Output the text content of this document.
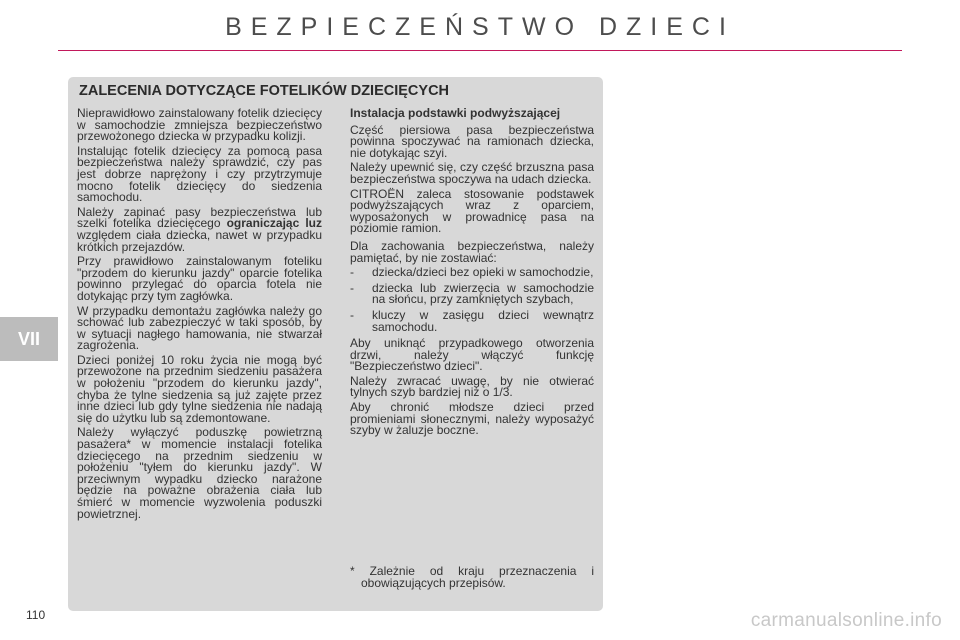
BEZPIECZEŃSTWO DZIECI
VII
110
ZALECENIA DOTYCZĄCE FOTELIKÓW DZIECIĘCYCH

Nieprawidłowo zainstalowany fotelik dziecięcy w samochodzie zmniejsza bezpieczeństwo przewożonego dziecka w przypadku kolizji.

Instalując fotelik dziecięcy za pomocą pasa bezpieczeństwa należy sprawdzić, czy pas jest dobrze naprężony i czy przytrzymuje mocno fotelik dziecięcy do siedzenia samochodu.

Należy zapinać pasy bezpieczeństwa lub szelki fotelika dziecięcego ograniczając luz względem ciała dziecka, nawet w przypadku krótkich przejazdów.

Przy prawidłowo zainstalowanym foteliku "przodem do kierunku jazdy" oparcie fotelika powinno przylegać do oparcia fotela nie dotykając przy tym zagłówka.

W przypadku demontażu zagłówka należy go schować lub zabezpieczyć w taki sposób, by w sytuacji nagłego hamowania, nie stwarzał zagrożenia.

Dzieci poniżej 10 roku życia nie mogą być przewożone na przednim siedzeniu pasażera w położeniu "przodem do kierunku jazdy", chyba że tylne siedzenia są już zajęte przez inne dzieci lub gdy tylne siedzenia nie nadają się do użytku lub są zdemontowane.

Należy wyłączyć poduszkę powietrzną pasażera* w momencie instalacji fotelika dziecięcego na przednim siedzeniu w położeniu "tyłem do kierunku jazdy". W przeciwnym wypadku dziecko narażone będzie na poważne obrażenia ciała lub śmierć w momencie wyzwolenia poduszki powietrznej.

Instalacja podstawki podwyższającej

Część piersiowa pasa bezpieczeństwa powinna spoczywać na ramionach dziecka, nie dotykając szyi.

Należy upewnić się, czy część brzuszna pasa bezpieczeństwa spoczywa na udach dziecka.

CITROËN zaleca stosowanie podstawek podwyższających wraz z oparciem, wyposażonych w prowadnicę pasa na poziomie ramion.

Dla zachowania bezpieczeństwa, należy pamiętać, by nie zostawiać:

- dziecka/dzieci bez opieki w samochodzie,
- dziecka lub zwierzęcia w samochodzie na słońcu, przy zamkniętych szybach,
- kluczy w zasięgu dzieci wewnątrz samochodu.

Aby uniknąć przypadkowego otworzenia drzwi, należy włączyć funkcję "Bezpieczeństwo dzieci".

Należy zwracać uwagę, by nie otwierać tylnych szyb bardziej niż o 1/3.

Aby chronić młodsze dzieci przed promieniami słonecznymi, należy wyposażyć szyby w żaluzje boczne.

* Zależnie od kraju przeznaczenia i obowiązujących przepisów.
carmanualsonline.info
